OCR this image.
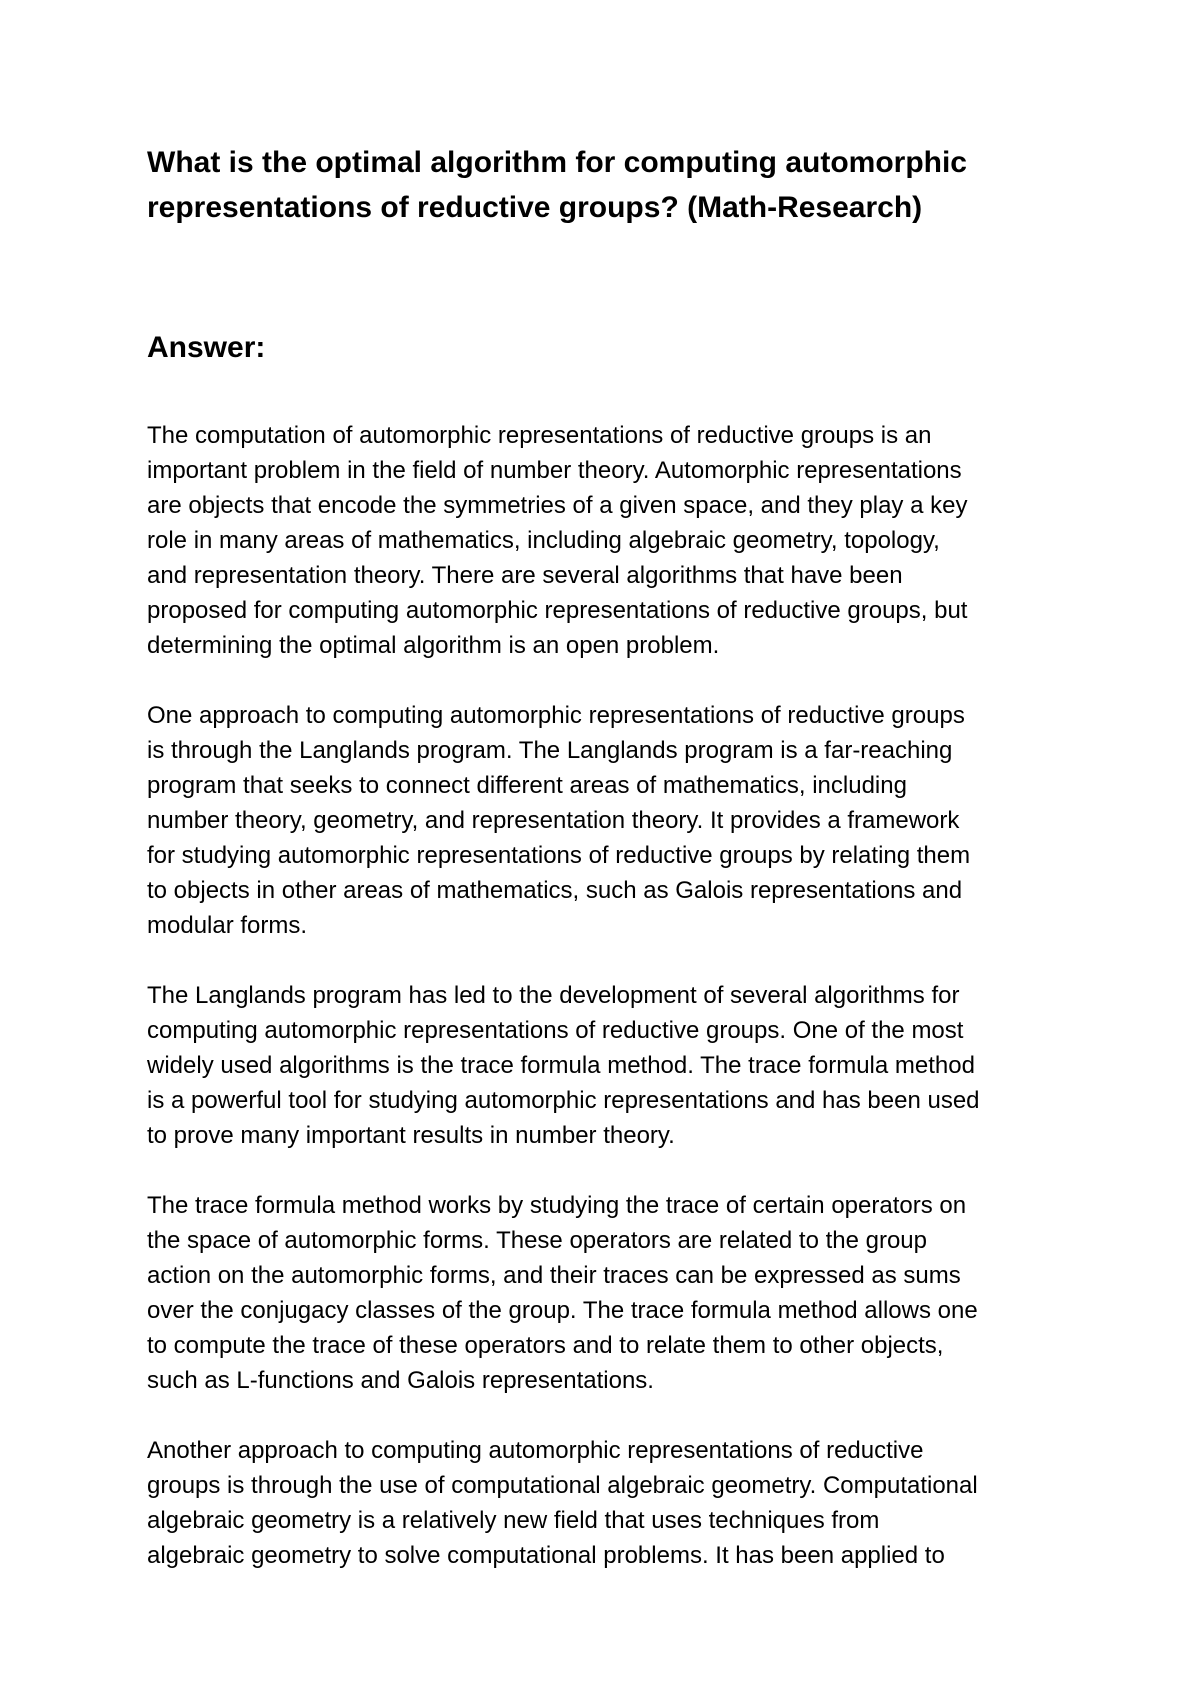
What is the optimal algorithm for computing automorphic
representations of reductive groups? (Math-Research)
Answer:

The computation of automorphic representations of reductive groups is an
important problem in the field of number theory. Automorphic representations
are objects that encode the symmetries of a given space, and they play a key
role in many areas of mathematics, including algebraic geometry, topology,
and representation theory. There are several algorithms that have been
proposed for computing automorphic representations of reductive groups, but
determining the optimal algorithm is an open problem.

One approach to computing automorphic representations of reductive groups
is through the Langlands program. The Langlands program is a far-reaching
program that seeks to connect different areas of mathematics, including
number theory, geometry, and representation theory. It provides a framework
for studying automorphic representations of reductive groups by relating them
to objects in other areas of mathematics, such as Galois representations and
modular forms.

The Langlands program has led to the development of several algorithms for
computing automorphic representations of reductive groups. One of the most
widely used algorithms is the trace formula method. The trace formula method
is a powerful tool for studying automorphic representations and has been used
to prove many important results in number theory.

The trace formula method works by studying the trace of certain operators on
the space of automorphic forms. These operators are related to the group
action on the automorphic forms, and their traces can be expressed as sums
over the conjugacy classes of the group. The trace formula method allows one
to compute the trace of these operators and to relate them to other objects,
such as L-functions and Galois representations.

Another approach to computing automorphic representations of reductive
groups is through the use of computational algebraic geometry. Computational
algebraic geometry is a relatively new field that uses techniques from
algebraic geometry to solve computational problems. It has been applied to
